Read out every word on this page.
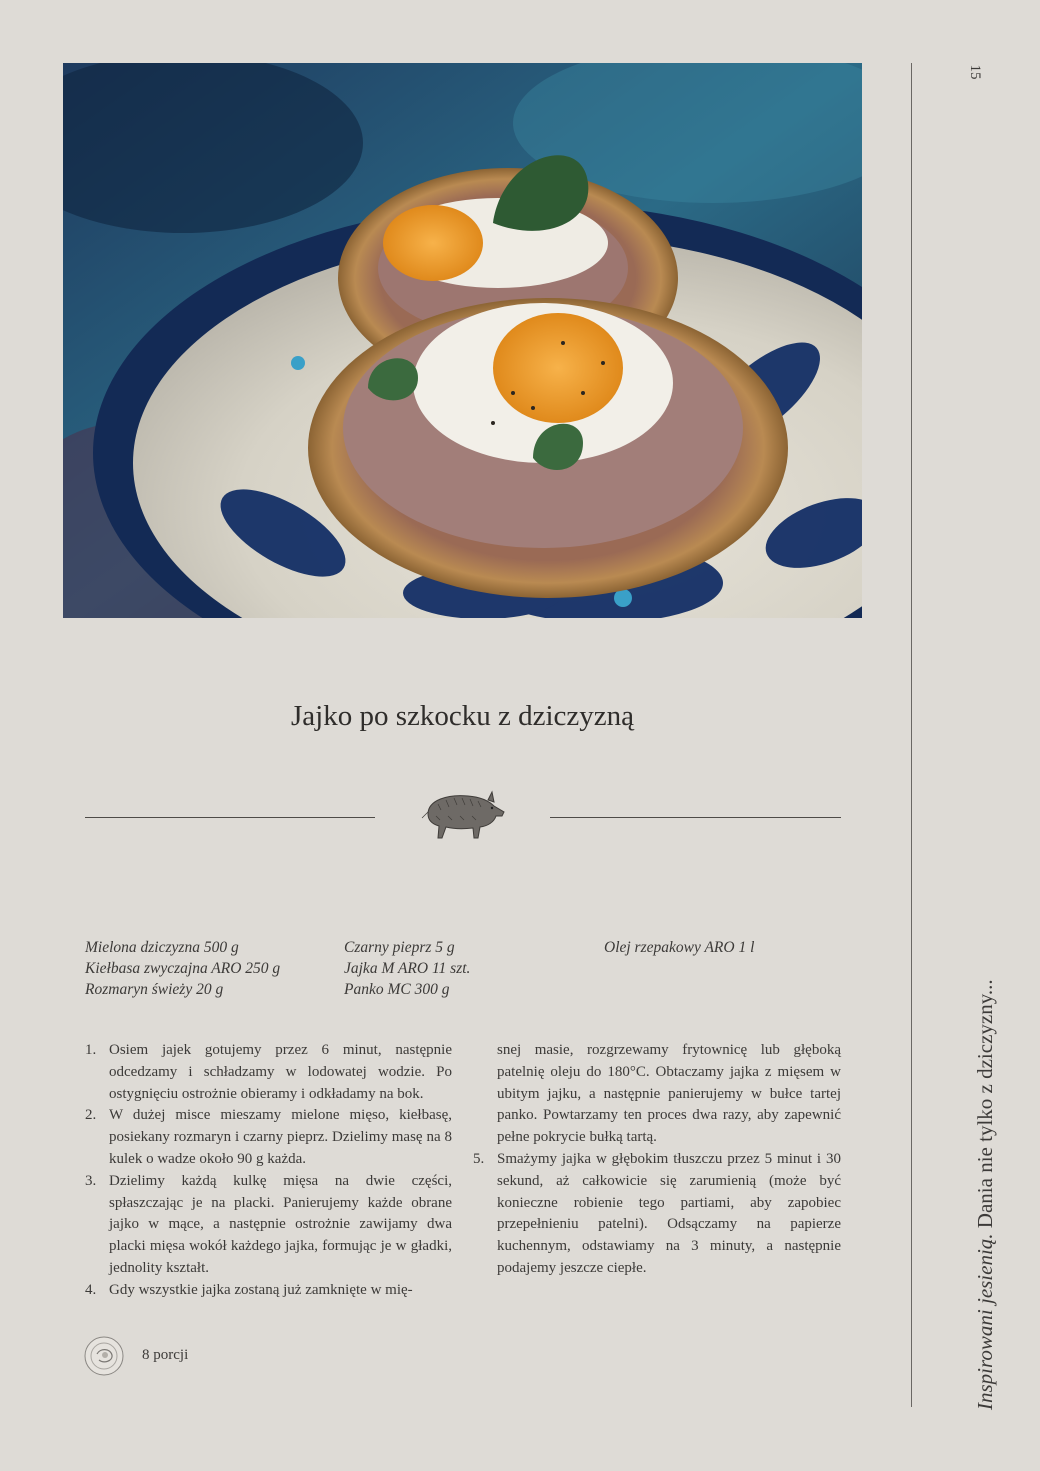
15
Inspirowani jesienią. Dania nie tylko z dziczyzny...
Jajko po szkocku z dziczyzną
Mielona dziczyzna 500 g
Kiełbasa zwyczajna ARO 250 g
Rozmaryn świeży 20 g
Czarny pieprz 5 g
Jajka M ARO 11 szt.
Panko MC 300 g
Olej rzepakowy ARO 1 l
1. Osiem jajek gotujemy przez 6 minut, następnie odcedzamy i schładzamy w lodowatej wodzie. Po ostygnięciu ostrożnie obieramy i odkładamy na bok.
2. W dużej misce mieszamy mielone mięso, kiełbasę, posiekany rozmaryn i czarny pieprz. Dzielimy masę na 8 kulek o wadze około 90 g każda.
3. Dzielimy każdą kulkę mięsa na dwie części, spłaszczając je na placki. Panierujemy każde obrane jajko w mące, a następnie ostrożnie zawijamy dwa placki mięsa wokół każdego jajka, formując je w gładki, jednolity kształt.
4. Gdy wszystkie jajka zostaną już zamknięte w mię-
snej masie, rozgrzewamy frytownicę lub głęboką patelnię oleju do 180°C. Obtaczamy jajka z mięsem w ubitym jajku, a następnie panierujemy w bułce tartej panko. Powtarzamy ten proces dwa razy, aby zapewnić pełne pokrycie bułką tartą.
5. Smażymy jajka w głębokim tłuszczu przez 5 minut i 30 sekund, aż całkowicie się zarumienią (może być konieczne robienie tego partiami, aby zapobiec przepełnieniu patelni). Odsączamy na papierze kuchennym, odstawiamy na 3 minuty, a następnie podajemy jeszcze ciepłe.
8 porcji
